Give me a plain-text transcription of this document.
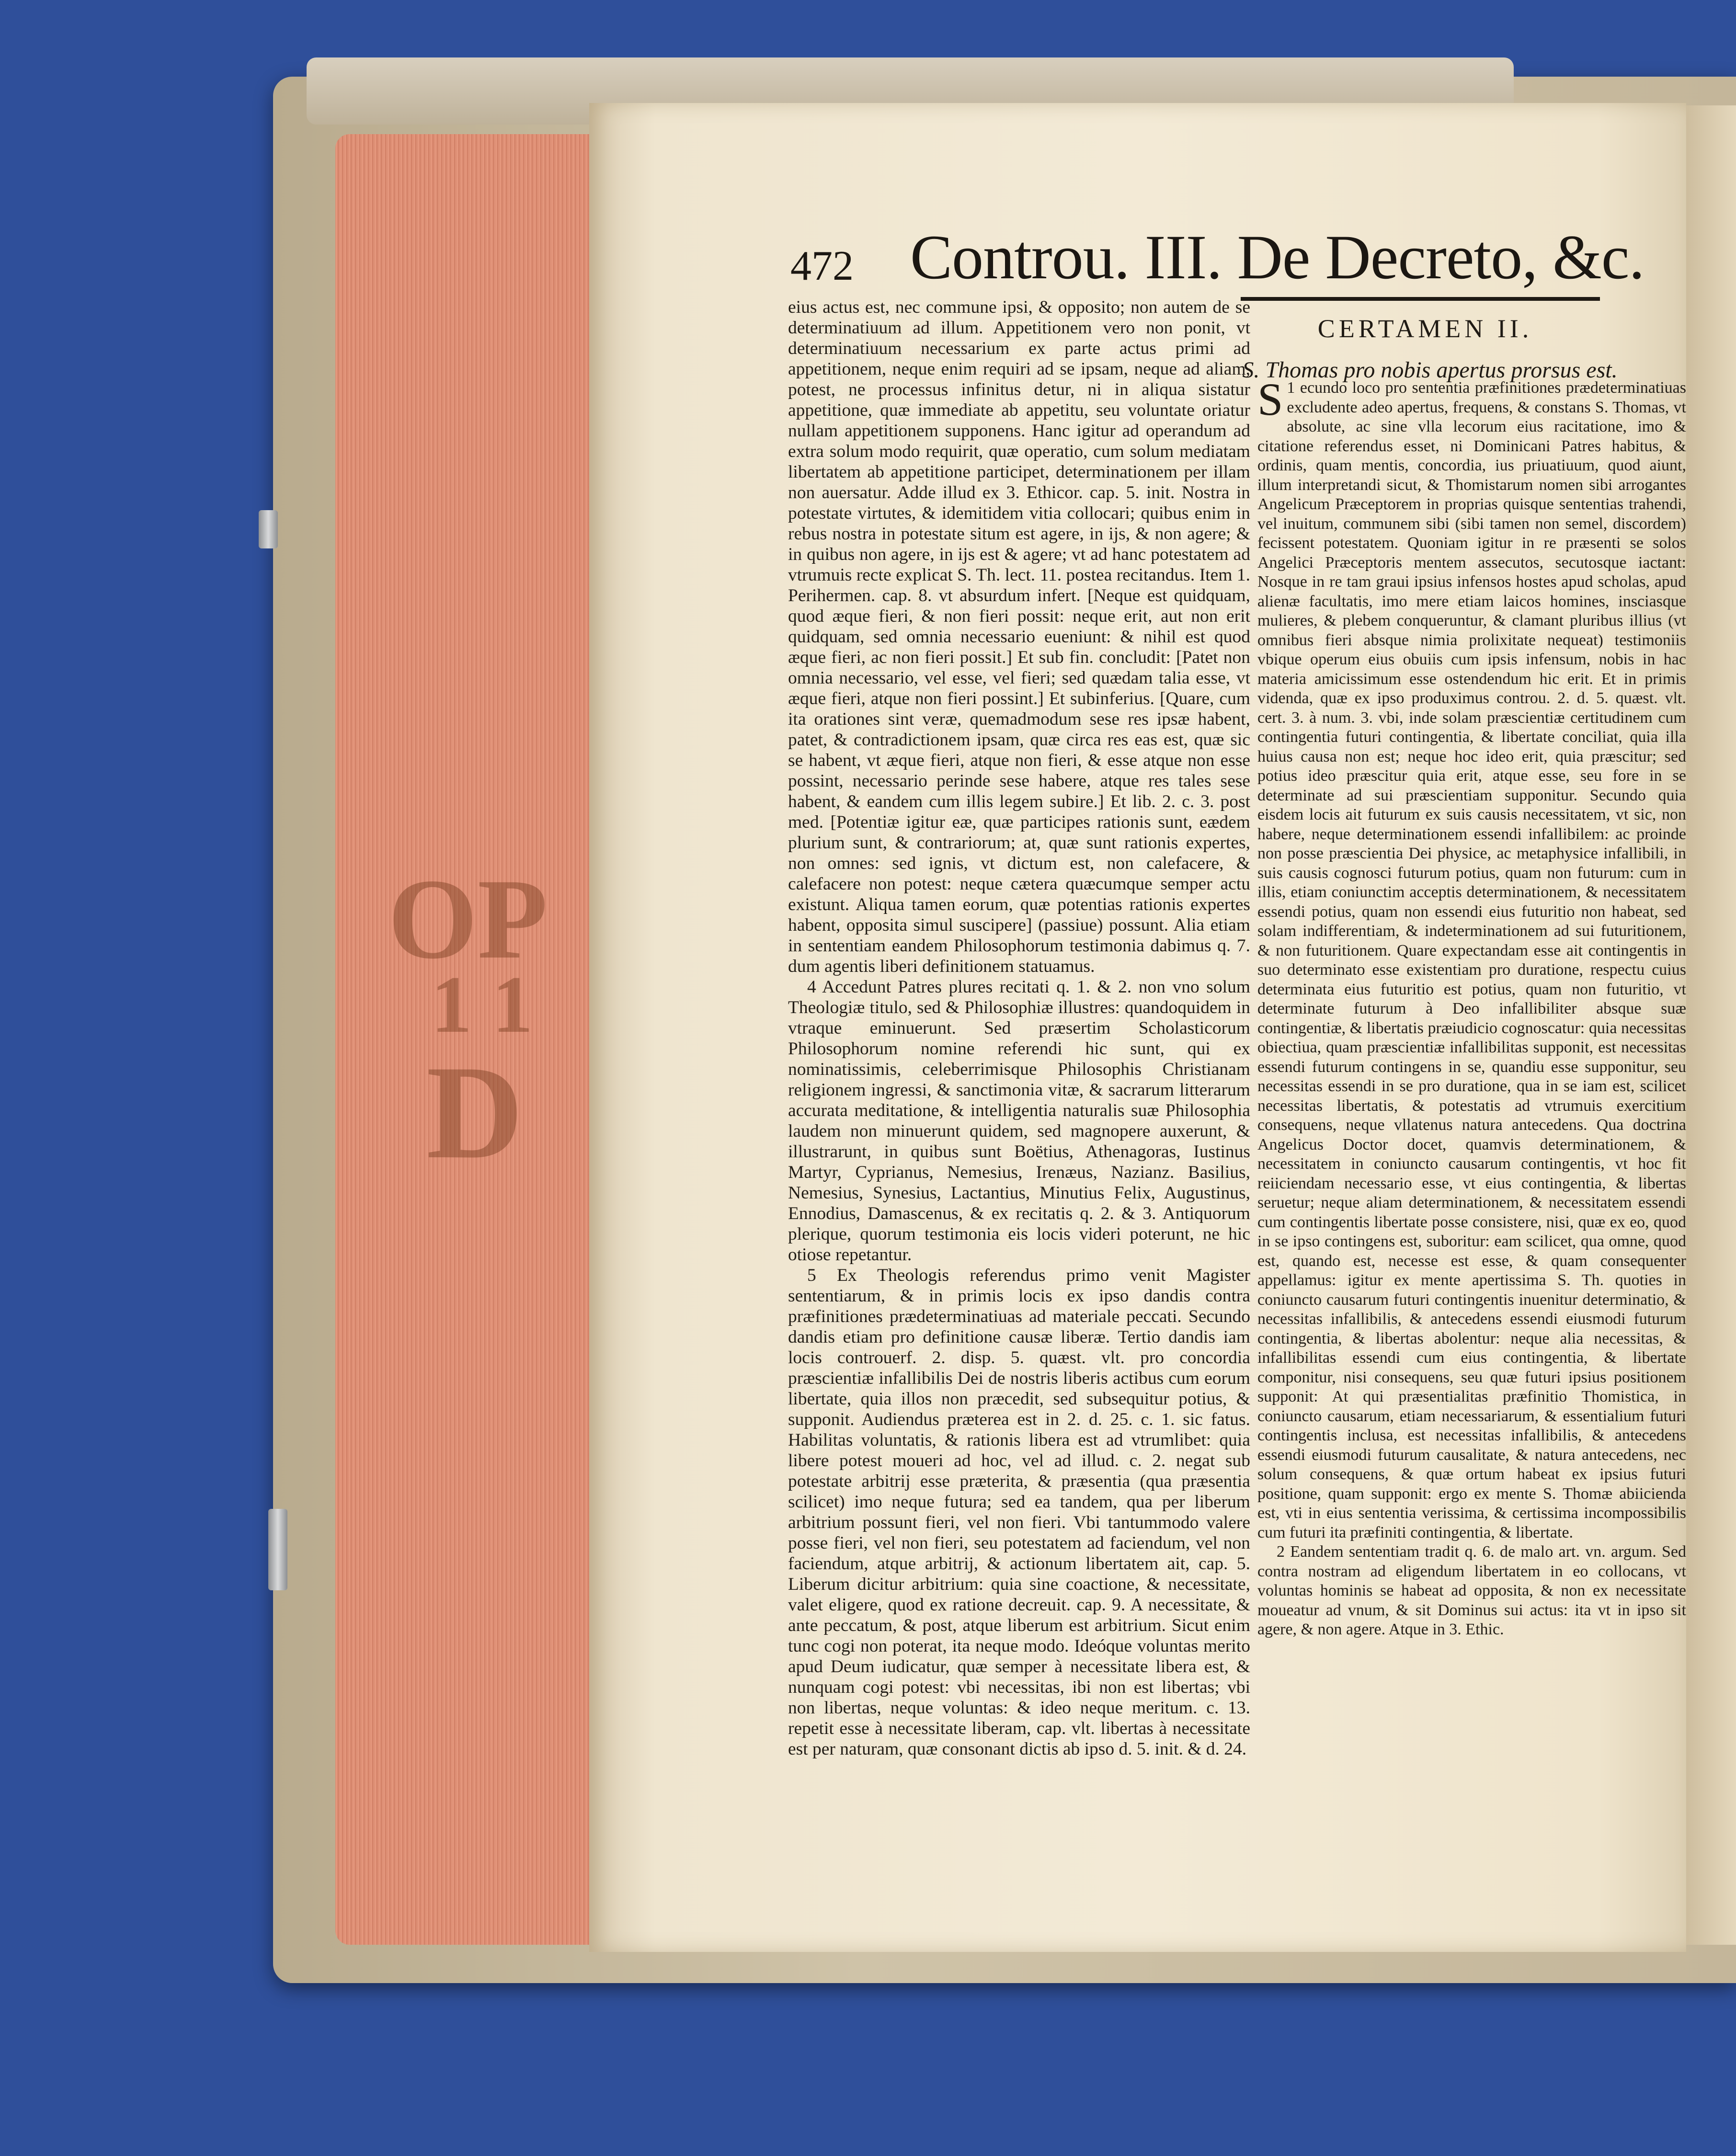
OP
1 1
D
472 Controu. III. De Decreto, &c.

eius actus est, nec commune ipsi, & opposito; non autem de se determinatiuum ad illum. Appetitionem vero non ponit, vt determinatiuum necessarium ex parte actus primi ad appetitionem, neque enim requiri ad se ipsam, neque ad aliam, potest, ne processus infinitus detur, ni in aliqua sistatur appetitione, quæ immediate ab appetitu, seu voluntate oriatur nullam appetitionem supponens. Hanc igitur ad operandum ad extra solum modo requirit, quæ operatio, cum solum mediatam libertatem ab appetitione participet, determinationem per illam non auersatur. Adde illud ex 3. Ethicor. cap. 5. init. Nostra in potestate virtutes, & idemitidem vitia collocari; quibus enim in rebus nostra in potestate situm est agere, in ijs, & non agere; & in quibus non agere, in ijs est & agere; vt ad hanc potestatem ad vtrumuis recte explicat S. Th. lect. 11. postea recitandus. Item 1. Perihermen. cap. 8. vt absurdum infert. [Neque est quidquam, quod æque fieri, & non fieri possit: neque erit, aut non erit quidquam, sed omnia necessario eueniunt: & nihil est quod æque fieri, ac non fieri possit.] Et sub fin. concludit: [Patet non omnia necessario, vel esse, vel fieri; sed quædam talia esse, vt æque fieri, atque non fieri possint.] Et subinferius. [Quare, cum ita orationes sint veræ, quemadmodum sese res ipsæ habent, patet, & contradictionem ipsam, quæ circa res eas est, quæ sic se habent, vt æque fieri, atque non fieri, & esse atque non esse possint, necessario perinde sese habere, atque res tales sese habent, & eandem cum illis legem subire.] Et lib. 2. c. 3. post med. [Potentiæ igitur eæ, quæ participes rationis sunt, eædem plurium sunt, & contrariorum; at, quæ sunt rationis expertes, non omnes: sed ignis, vt dictum est, non calefacere, & calefacere non potest: neque cætera quæcumque semper actu existunt. Aliqua tamen eorum, quæ potentias rationis expertes habent, opposita simul suscipere] (passiue) possunt. Alia etiam in sententiam eandem Philosophorum testimonia dabimus q. 7. dum agentis liberi definitionem statuamus.

4 Accedunt Patres plures recitati q. 1. & 2. non vno solum Theologiæ titulo, sed & Philosophiæ illustres: quandoquidem in vtraque eminuerunt. Sed præsertim Scholasticorum Philosophorum nomine referendi hic sunt, qui ex nominatissimis, celeberrimisque Philosophis Christianam religionem ingressi, & sanctimonia vitæ, & sacrarum litterarum accurata meditatione, & intelligentia naturalis suæ Philosophia laudem non minuerunt quidem, sed magnopere auxerunt, & illustrarunt, in quibus sunt Boëtius, Athenagoras, Iustinus Martyr, Cyprianus, Nemesius, Irenæus, Nazianz. Basilius, Nemesius, Synesius, Lactantius, Minutius Felix, Augustinus, Ennodius, Damascenus, & ex recitatis q. 2. & 3. Antiquorum plerique, quorum testimonia eis locis videri poterunt, ne hic otiose repetantur.

5 Ex Theologis referendus primo venit Magister sententiarum, & in primis locis ex ipso dandis contra præfinitiones prædeterminatiuas ad materiale peccati. Secundo dandis etiam pro definitione causæ liberæ. Tertio dandis iam locis controuerf. 2. disp. 5. quæst. vlt. pro concordia præscientiæ infallibilis Dei de nostris liberis actibus cum eorum libertate, quia illos non præcedit, sed subsequitur potius, & supponit. Audiendus præterea est in 2. d. 25. c. 1. sic fatus. Habilitas voluntatis, & rationis libera est ad vtrumlibet: quia libere potest moueri ad hoc, vel ad illud. c. 2. negat sub potestate arbitrij esse præterita, & præsentia (qua præsentia scilicet) imo neque futura; sed ea tandem, qua per liberum arbitrium possunt fieri, vel non fieri. Vbi tantummodo valere posse fieri, vel non fieri, seu potestatem ad faciendum, vel non faciendum, atque arbitrij, & actionum libertatem ait, cap. 5. Liberum dicitur arbitrium: quia sine coactione, & necessitate, valet eligere, quod ex ratione decreuit. cap. 9. A necessitate, & ante peccatum, & post, atque liberum est arbitrium. Sicut enim tunc cogi non poterat, ita neque modo. Ideóque voluntas merito apud Deum iudicatur, quæ semper à necessitate libera est, & nunquam cogi potest: vbi necessitas, ibi non est libertas; vbi non libertas, neque voluntas: & ideo neque meritum. c. 13. repetit esse à necessitate liberam, cap. vlt. libertas à necessitate est per naturam, quæ consonant dictis ab ipso d. 5. init. & d. 24.

CERTAMEN II.
S. Thomas pro nobis apertus prorsus est.

S 1 ecundo loco pro sententia præfinitiones prædeterminatiuas excludente adeo apertus, frequens, & constans S. Thomas, vt absolute, ac sine vlla lecorum eius racitatione, imo & citatione referendus esset, ni Dominicani Patres habitus, & ordinis, quam mentis, concordia, ius priuatiuum, quod aiunt, illum interpretandi sicut, & Thomistarum nomen sibi arrogantes Angelicum Præceptorem in proprias quisque sententias trahendi, vel inuitum, communem sibi (sibi tamen non semel, discordem) fecissent potestatem. Quoniam igitur in re præsenti se solos Angelici Præceptoris mentem assecutos, secutosque iactant: Nosque in re tam graui ipsius infensos hostes apud scholas, apud alienæ facultatis, imo mere etiam laicos homines, insciasque mulieres, & plebem conqueruntur, & clamant pluribus illius (vt omnibus fieri absque nimia prolixitate nequeat) testimoniis vbique operum eius obuiis cum ipsis infensum, nobis in hac materia amicissimum esse ostendendum hic erit. Et in primis videnda, quæ ex ipso produximus controu. 2. d. 5. quæst. vlt. cert. 3. à num. 3. vbi, inde solam præscientiæ certitudinem cum contingentia futuri contingentia, & libertate conciliat, quia illa huius causa non est; neque hoc ideo erit, quia præscitur; sed potius ideo præscitur quia erit, atque esse, seu fore in se determinate ad sui præscientiam supponitur. Secundo quia eisdem locis ait futurum ex suis causis necessitatem, vt sic, non habere, neque determinationem essendi infallibilem: ac proinde non posse præscientia Dei physice, ac metaphysice infallibili, in suis causis cognosci futurum potius, quam non futurum: cum in illis, etiam coniunctim acceptis determinationem, & necessitatem essendi potius, quam non essendi eius futuritio non habeat, sed solam indifferentiam, & indeterminationem ad sui futuritionem, & non futuritionem. Quare expectandam esse ait contingentis in suo determinato esse existentiam pro duratione, respectu cuius determinata eius futuritio est potius, quam non futuritio, vt determinate futurum à Deo infallibiliter absque suæ contingentiæ, & libertatis præiudicio cognoscatur: quia necessitas obiectiua, quam præscientiæ infallibilitas supponit, est necessitas essendi futurum contingens in se, quandiu esse supponitur, seu necessitas essendi in se pro duratione, qua in se iam est, scilicet necessitas libertatis, & potestatis ad vtrumuis exercitium consequens, neque vllatenus natura antecedens. Qua doctrina Angelicus Doctor docet, quamvis determinationem, & necessitatem in coniuncto causarum contingentis, vt hoc fit reiiciendam necessario esse, vt eius contingentia, & libertas seruetur; neque aliam determinationem, & necessitatem essendi cum contingentis libertate posse consistere, nisi, quæ ex eo, quod in se ipso contingens est, suboritur: eam scilicet, qua omne, quod est, quando est, necesse est esse, & quam consequenter appellamus: igitur ex mente apertissima S. Th. quoties in coniuncto causarum futuri contingentis inuenitur determinatio, & necessitas infallibilis, & antecedens essendi eiusmodi futurum contingentia, & libertas abolentur: neque alia necessitas, & infallibilitas essendi cum eius contingentia, & libertate componitur, nisi consequens, seu quæ futuri ipsius positionem supponit: At qui præsentialitas præfinitio Thomistica, in coniuncto causarum, etiam necessariarum, & essentialium futuri contingentis inclusa, est necessitas infallibilis, & antecedens essendi eiusmodi futurum causalitate, & natura antecedens, nec solum consequens, & quæ ortum habeat ex ipsius futuri positione, quam supponit: ergo ex mente S. Thomæ abiicienda est, vti in eius sententia verissima, & certissima incompossibilis cum futuri ita præfiniti contingentia, & libertate.

2 Eandem sententiam tradit q. 6. de malo art. vn. argum. Sed contra nostram ad eligendum libertatem in eo collocans, vt voluntas hominis se habeat ad opposita, & non ex necessitate moueatur ad vnum, & sit Dominus sui actus: ita vt in ipso sit agere, & non agere. Atque in 3. Ethic.
